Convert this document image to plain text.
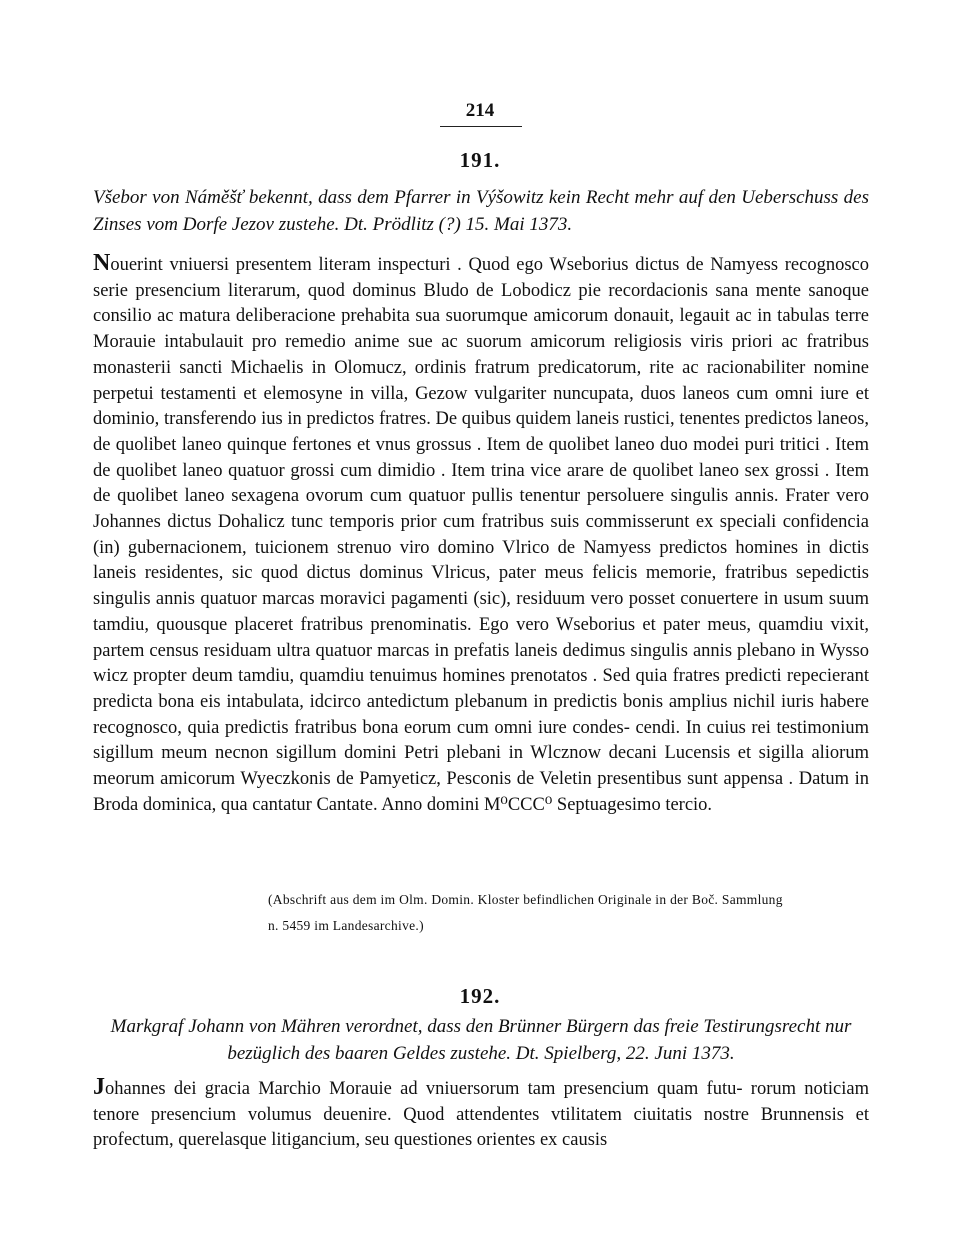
214
191.
Všebor von Náměšť bekennt, dass dem Pfarrer in Výšowitz kein Recht mehr auf den Ueberschuss des Zinses vom Dorfe Jezov zustehe. Dt. Prödlitz (?) 15. Mai 1373.

Nouerint vniuersi presentem literam inspecturi . Quod ego Wseborius dictus de Namyess recognosco serie presencium literarum, quod dominus Bludo de Lobodicz pie recordacionis sana mente sanoque consilio ac matura deliberacione prehabita sua suorumque amicorum donauit, legauit ac in tabulas terre Morauie intabulauit pro remedio anime sue ac suorum amicorum religiosis viris priori ac fratribus monasterii sancti Michaelis in Olomucz, ordinis fratrum predicatorum, rite ac racionabiliter nomine perpetui testamenti et elemosyne in villa, Gezow vulgariter nuncupata, duos laneos cum omni iure et dominio, transferendo ius in predictos fratres. De quibus quidem laneis rustici, tenentes predictos laneos, de quolibet laneo quinque fertones et vnus grossus . Item de quolibet laneo duo modei puri tritici . Item de quolibet laneo quatuor grossi cum dimidio . Item trina vice arare de quolibet laneo sex grossi . Item de quolibet laneo sexagena ovorum cum quatuor pullis tenentur persoluere singulis annis. Frater vero Johannes dictus Dohalicz tunc temporis prior cum fratribus suis commisserunt ex speciali confidencia (in) gubernacionem, tuicionem strenuo viro domino Vlrico de Namyess predictos homines in dictis laneis residentes, sic quod dictus dominus Vlricus, pater meus felicis memorie, fratribus sepedictis singulis annis quatuor marcas moravici pagamenti (sic), residuum vero posset conuertere in usum suum tamdiu, quousque placeret fratribus prenominatis. Ego vero Wseborius et pater meus, quamdiu vixit, partem census residuam ultra quatuor marcas in prefatis laneis dedimus singulis annis plebano in Wysso wicz propter deum tamdiu, quamdiu tenuimus homines prenotatos . Sed quia fratres predicti repecierant predicta bona eis intabulata, idcirco antedictum plebanum in predictis bonis amplius nichil iuris habere recognosco, quia predictis fratribus bona eorum cum omni iure condes- cendi. In cuius rei testimonium sigillum meum necnon sigillum domini Petri plebani in Wlcznow decani Lucensis et sigilla aliorum meorum amicorum Wyeczkonis de Pamyeticz, Pesconis de Veletin presentibus sunt appensa . Datum in Broda dominica, qua cantatur Cantate. Anno domini M⁰CCC⁰ Septuagesimo tercio.

(Abschrift aus dem im Olm. Domin. Kloster befindlichen Originale in der Boč. Sammlung
n. 5459 im Landesarchive.)
192.
Markgraf Johann von Mähren verordnet, dass den Brünner Bürgern das freie Testirungsrecht nur bezüglich des baaren Geldes zustehe. Dt. Spielberg, 22. Juni 1373.

Johannes dei gracia Marchio Morauie ad vniuersorum tam presencium quam futu- rorum noticiam tenore presencium volumus deuenire. Quod attendentes vtilitatem ciuitatis nostre Brunnensis et profectum, querelasque litigancium, seu questiones orientes ex causis
